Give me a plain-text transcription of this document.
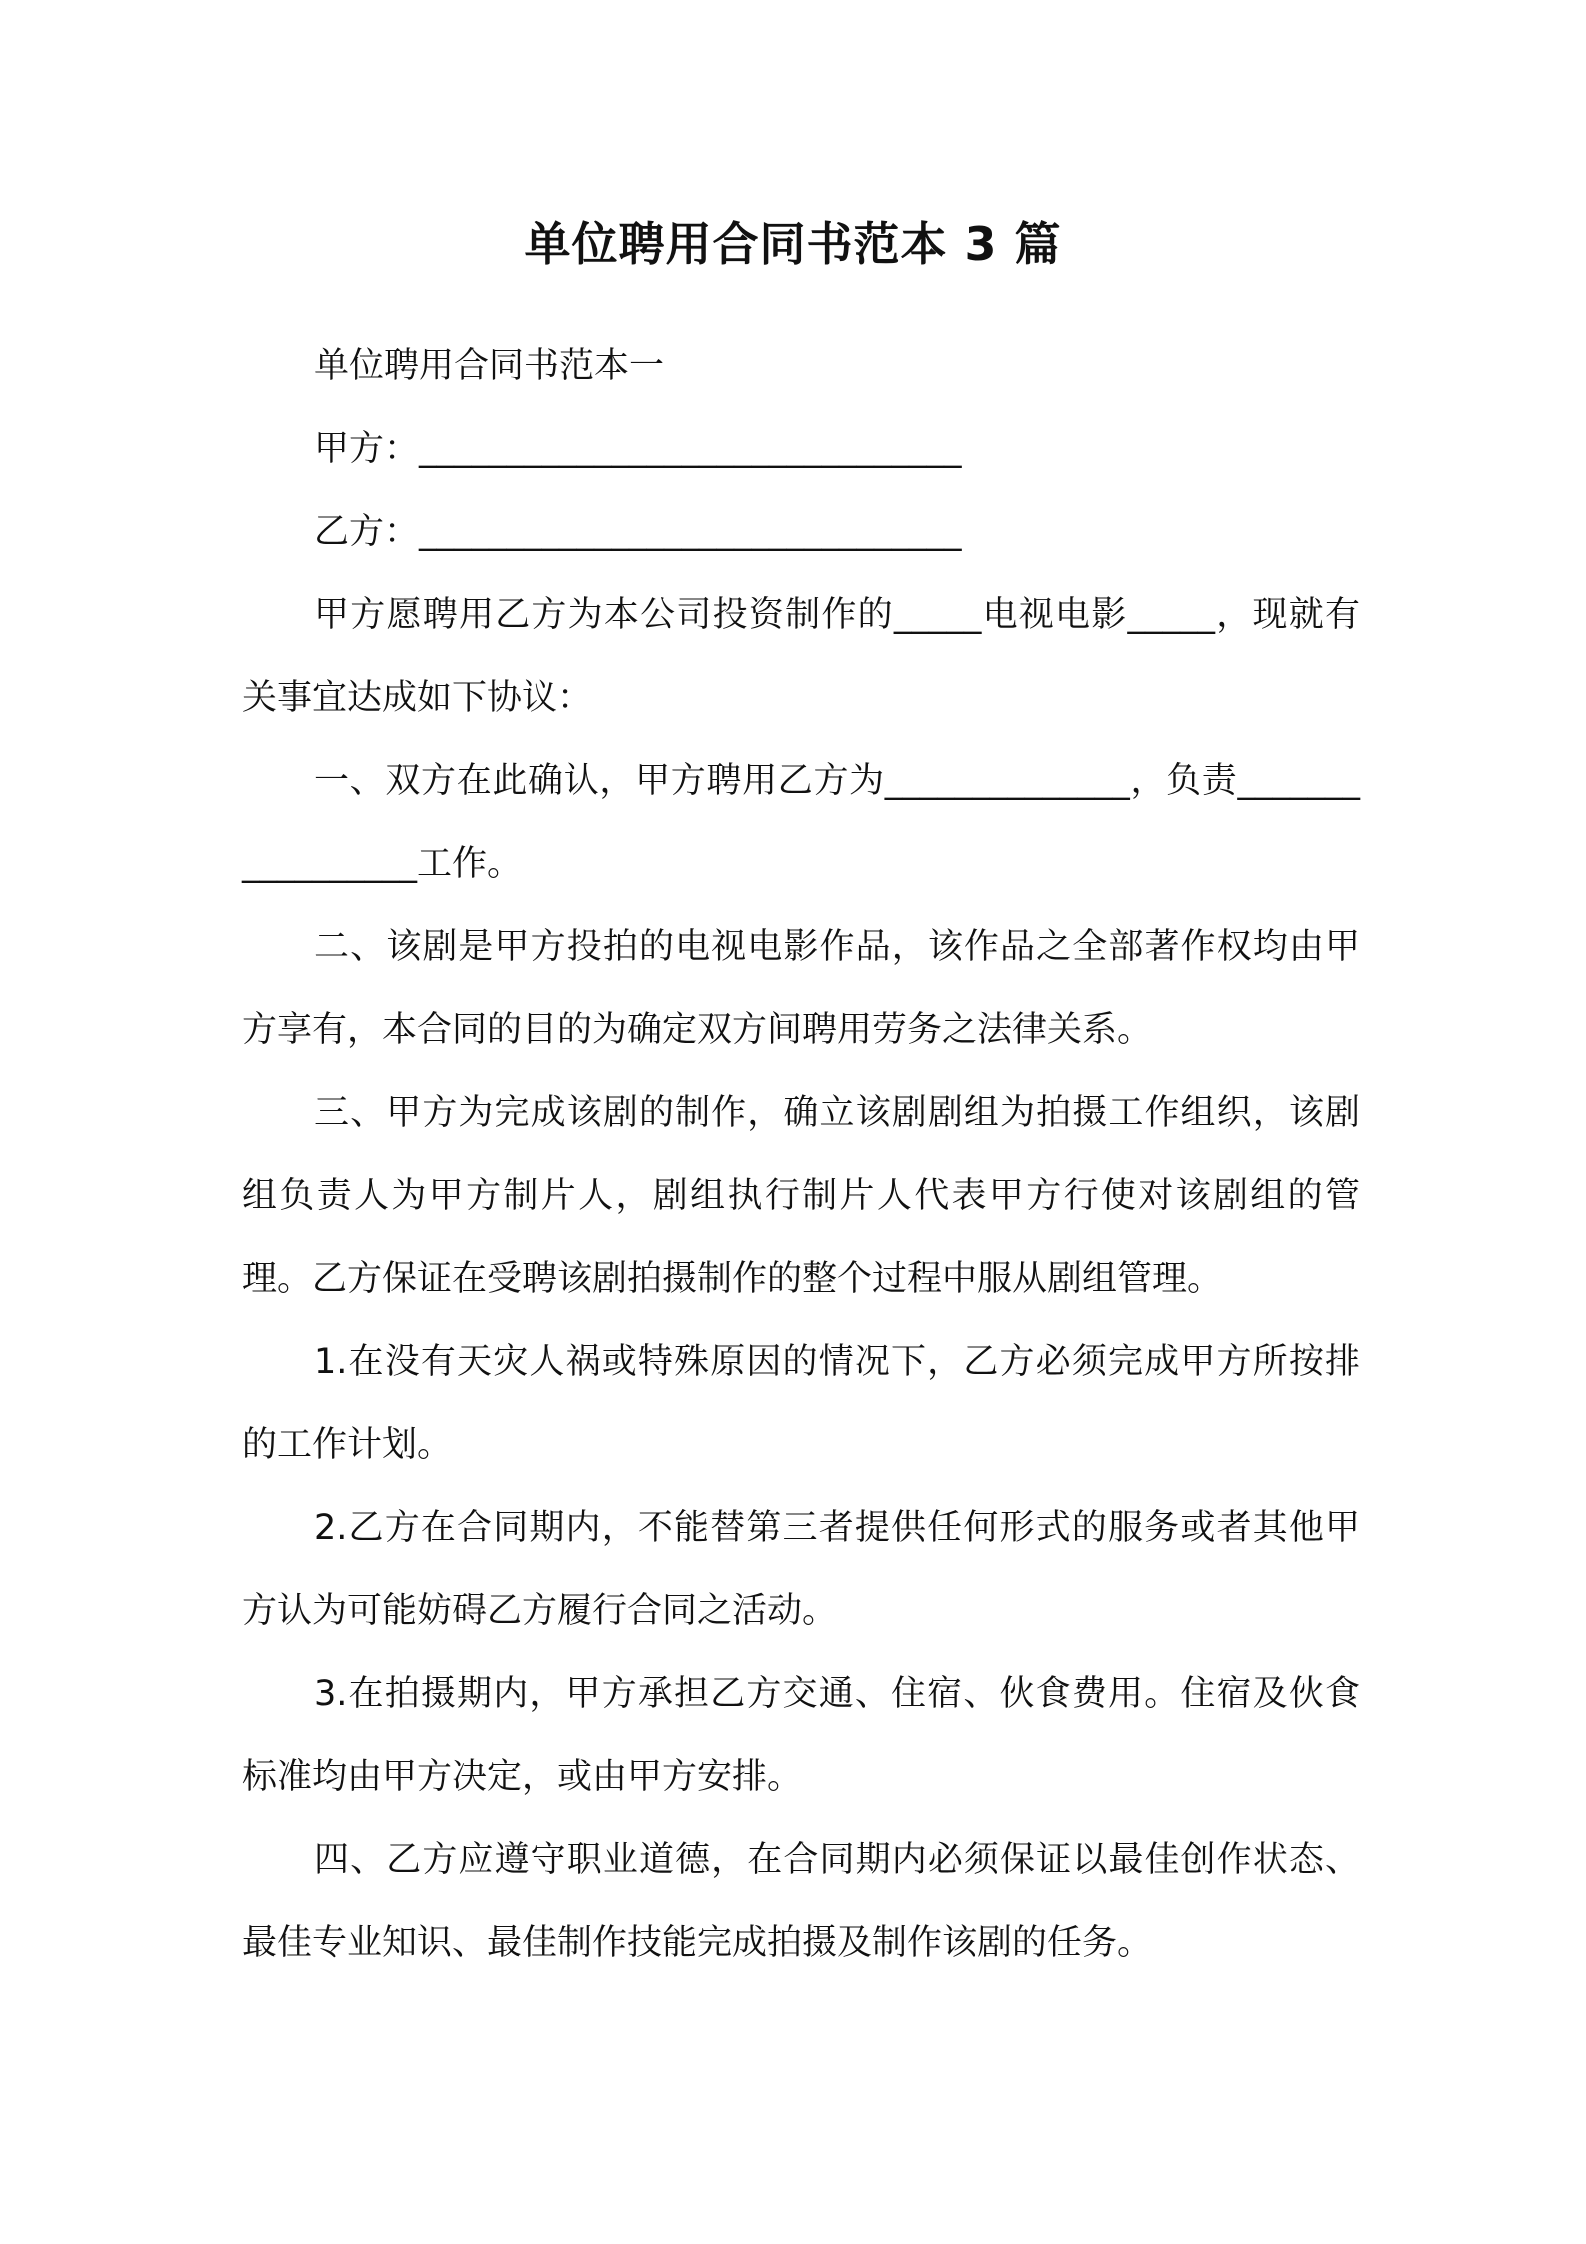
单位聘用合同书范本 3 篇

单位聘用合同书范本一

甲方：_______________________________

乙方：_______________________________

甲方愿聘用乙方为本公司投资制作的_____电视电影_____，现就有关事宜达成如下协议：

一、双方在此确认，甲方聘用乙方为______________，负责_________________工作。

二、该剧是甲方投拍的电视电影作品，该作品之全部著作权均由甲方享有，本合同的目的为确定双方间聘用劳务之法律关系。

三、甲方为完成该剧的制作，确立该剧剧组为拍摄工作组织，该剧组负责人为甲方制片人，剧组执行制片人代表甲方行使对该剧组的管理。乙方保证在受聘该剧拍摄制作的整个过程中服从剧组管理。

1.在没有天灾人祸或特殊原因的情况下，乙方必须完成甲方所按排的工作计划。

2.乙方在合同期内，不能替第三者提供任何形式的服务或者其他甲方认为可能妨碍乙方履行合同之活动。

3.在拍摄期内，甲方承担乙方交通、住宿、伙食费用。住宿及伙食标准均由甲方决定，或由甲方安排。

四、乙方应遵守职业道德，在合同期内必须保证以最佳创作状态、最佳专业知识、最佳制作技能完成拍摄及制作该剧的任务。
